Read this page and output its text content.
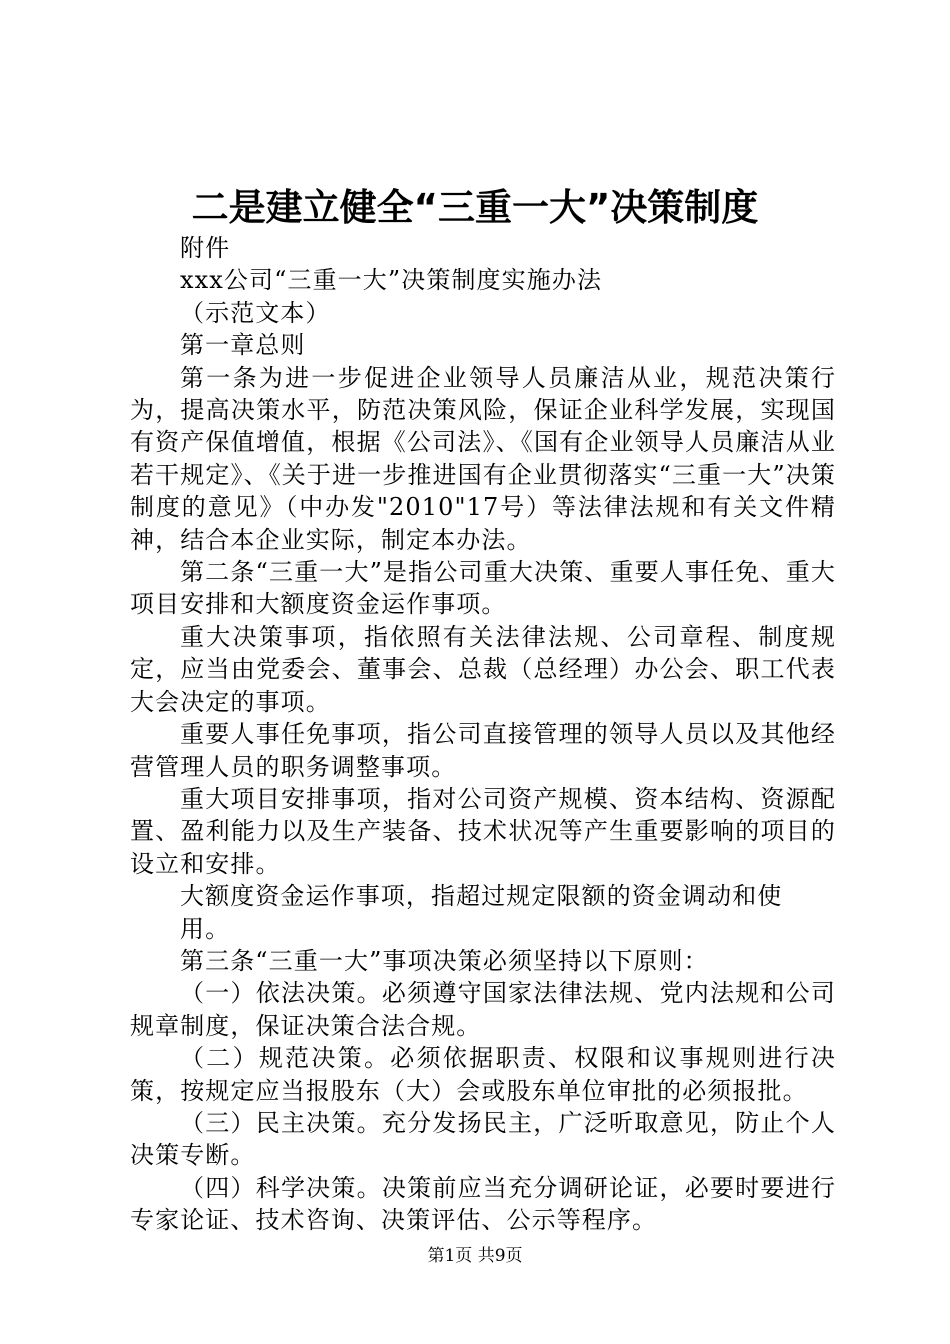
二是建立健全“三重一大”决策制度

附件

xxx公司“三重一大”决策制度实施办法

（示范文本）

第一章总则

第一条为进一步促进企业领导人员廉洁从业，规范决策行为，提高决策水平，防范决策风险，保证企业科学发展，实现国有资产保值增值，根据《公司法》、《国有企业领导人员廉洁从业若干规定》、《关于进一步推进国有企业贯彻落实“三重一大”决策制度的意见》（中办发"2010"17号）等法律法规和有关文件精神，结合本企业实际，制定本办法。

第二条“三重一大”是指公司重大决策、重要人事任免、重大项目安排和大额度资金运作事项。

重大决策事项，指依照有关法律法规、公司章程、制度规定，应当由党委会、董事会、总裁（总经理）办公会、职工代表大会决定的事项。

重要人事任免事项，指公司直接管理的领导人员以及其他经营管理人员的职务调整事项。

重大项目安排事项，指对公司资产规模、资本结构、资源配置、盈利能力以及生产装备、技术状况等产生重要影响的项目的设立和安排。

大额度资金运作事项，指超过规定限额的资金调动和使用。

第三条“三重一大”事项决策必须坚持以下原则：

（一）依法决策。必须遵守国家法律法规、党内法规和公司规章制度，保证决策合法合规。

（二）规范决策。必须依据职责、权限和议事规则进行决策，按规定应当报股东（大）会或股东单位审批的必须报批。

（三）民主决策。充分发扬民主，广泛听取意见，防止个人决策专断。

（四）科学决策。决策前应当充分调研论证，必要时要进行专家论证、技术咨询、决策评估、公示等程序。

第1页 共9页
